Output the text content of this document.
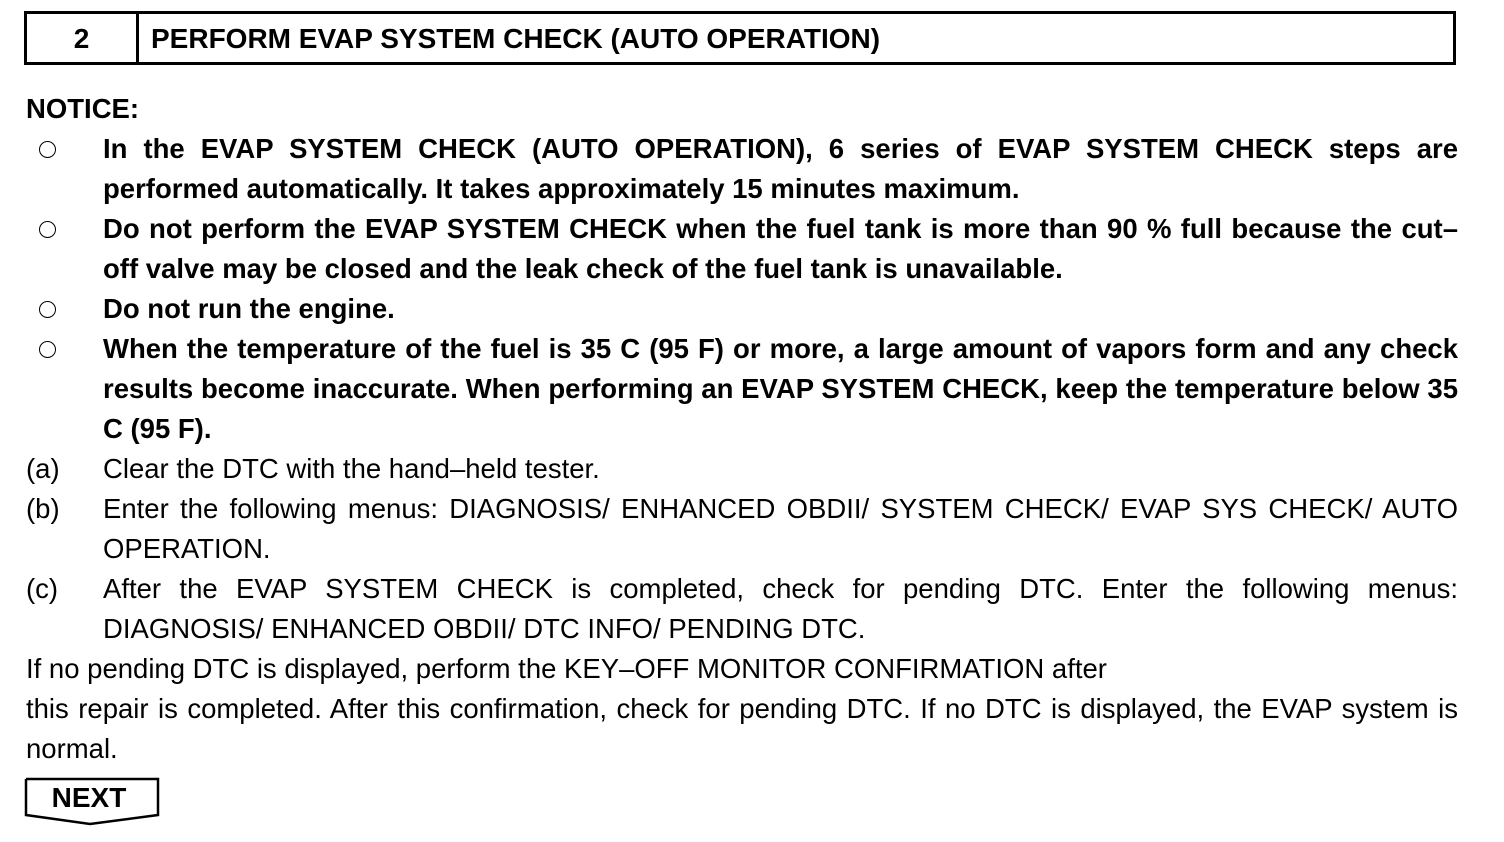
2	PERFORM EVAP SYSTEM CHECK (AUTO OPERATION)
NOTICE:
In the EVAP SYSTEM CHECK (AUTO OPERATION), 6 series of EVAP SYSTEM CHECK steps are performed automatically. It takes approximately 15 minutes maximum.
Do not perform the EVAP SYSTEM CHECK when the fuel tank is more than 90 % full because the cut–off valve may be closed and the leak check of the fuel tank is unavailable.
Do not run the engine.
When the temperature of the fuel is 35 C (95 F) or more, a large amount of vapors form and any check results become inaccurate. When performing an EVAP SYSTEM CHECK, keep the temperature below 35 C (95 F).
(a)	Clear the DTC with the hand–held tester.
(b)	Enter the following menus: DIAGNOSIS/ ENHANCED OBDII/ SYSTEM CHECK/ EVAP SYS CHECK/ AUTO OPERATION.
(c)	After the EVAP SYSTEM CHECK is completed, check for pending DTC. Enter the following menus: DIAGNOSIS/ ENHANCED OBDII/ DTC INFO/ PENDING DTC.
If no pending DTC is displayed, perform the KEY–OFF MONITOR CONFIRMATION after
this repair is completed. After this confirmation, check for pending DTC. If no DTC is displayed, the EVAP system is normal.
NEXT
